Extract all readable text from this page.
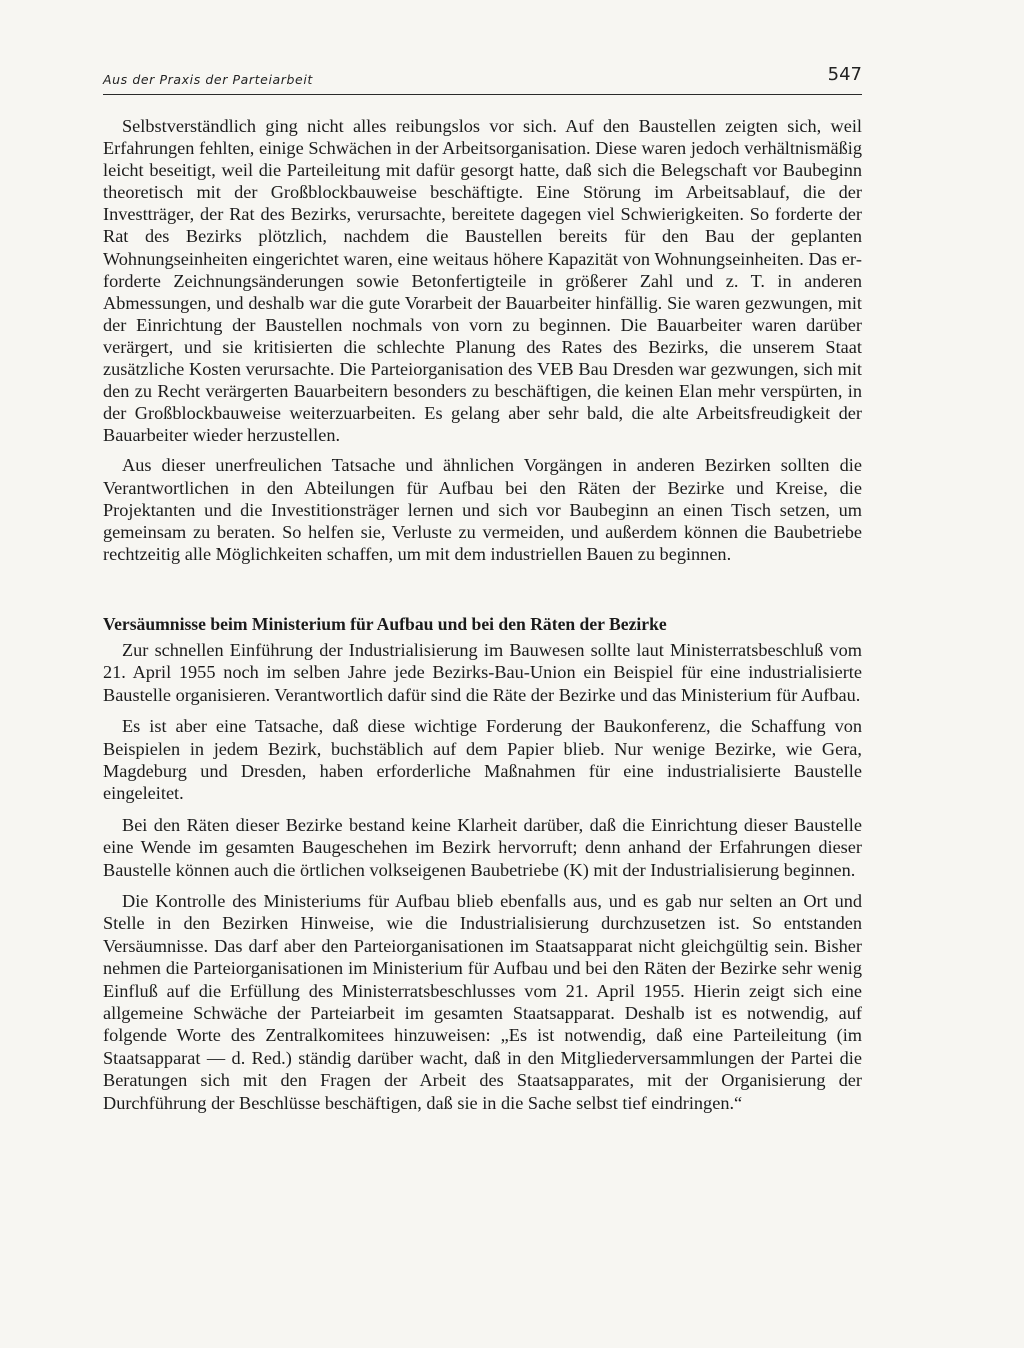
Aus der Praxis der Parteiarbeit	547

Selbstverständlich ging nicht alles reibungslos vor sich. Auf den Baustellen zeigten sich, weil Erfahrungen fehlten, einige Schwächen in der Arbeitsorganisation. Diese waren jedoch verhältnismäßig leicht beseitigt, weil die Parteileitung mit dafür gesorgt hatte, daß sich die Belegschaft vor Baubeginn theoretisch mit der Großblockbauweise beschäftigte. Eine Störung im Arbeitsablauf, die der Investträger, der Rat des Bezirks, verursachte, bereitete dagegen viel Schwierigkeiten. So forderte der Rat des Bezirks plötzlich, nachdem die Baustellen bereits für den Bau der geplanten Wohnungseinheiten eingerichtet waren, eine weitaus höhere Kapazität von Wohnungseinheiten. Das erforderte Zeichnungsänderungen sowie Betonfertigteile in größerer Zahl und z. T. in anderen Abmessungen, und deshalb war die gute Vorarbeit der Bauarbeiter hinfällig. Sie waren gezwungen, mit der Einrichtung der Baustellen nochmals von vorn zu beginnen. Die Bauarbeiter waren darüber verärgert, und sie kritisierten die schlechte Planung des Rates des Bezirks, die unserem Staat zusätzliche Kosten verursachte. Die Parteiorganisation des VEB Bau Dresden war gezwungen, sich mit den zu Recht verärgerten Bauarbeitern besonders zu beschäftigen, die keinen Elan mehr verspürten, in der Großblockbauweise weiterzuarbeiten. Es gelang aber sehr bald, die alte Arbeitsfreudigkeit der Bauarbeiter wieder herzustellen.

Aus dieser unerfreulichen Tatsache und ähnlichen Vorgängen in anderen Bezirken sollten die Verantwortlichen in den Abteilungen für Aufbau bei den Räten der Bezirke und Kreise, die Projektanten und die Investitionsträger lernen und sich vor Baubeginn an einen Tisch setzen, um gemeinsam zu beraten. So helfen sie, Verluste zu vermeiden, und außerdem können die Baubetriebe rechtzeitig alle Möglichkeiten schaffen, um mit dem industriellen Bauen zu beginnen.

Versäumnisse beim Ministerium für Aufbau und bei den Räten der Bezirke

Zur schnellen Einführung der Industrialisierung im Bauwesen sollte laut Ministerratsbeschluß vom 21. April 1955 noch im selben Jahre jede Bezirks-Bau-Union ein Beispiel für eine industrialisierte Baustelle organisieren. Verantwortlich dafür sind die Räte der Bezirke und das Ministerium für Aufbau.

Es ist aber eine Tatsache, daß diese wichtige Forderung der Baukonferenz, die Schaffung von Beispielen in jedem Bezirk, buchstäblich auf dem Papier blieb. Nur wenige Bezirke, wie Gera, Magdeburg und Dresden, haben erforderliche Maßnahmen für eine industrialisierte Baustelle eingeleitet.

Bei den Räten dieser Bezirke bestand keine Klarheit darüber, daß die Einrichtung dieser Baustelle eine Wende im gesamten Baugeschehen im Bezirk hervorruft; denn anhand der Erfahrungen dieser Baustelle können auch die örtlichen volkseigenen Baubetriebe (K) mit der Industrialisierung beginnen.

Die Kontrolle des Ministeriums für Aufbau blieb ebenfalls aus, und es gab nur selten an Ort und Stelle in den Bezirken Hinweise, wie die Industrialisierung durchzusetzen ist. So entstanden Versäumnisse. Das darf aber den Parteiorganisationen im Staatsapparat nicht gleichgültig sein. Bisher nehmen die Parteiorganisationen im Ministerium für Aufbau und bei den Räten der Bezirke sehr wenig Einfluß auf die Erfüllung des Ministerratsbeschlusses vom 21. April 1955. Hierin zeigt sich eine allgemeine Schwäche der Parteiarbeit im gesamten Staatsapparat. Deshalb ist es notwendig, auf folgende Worte des Zentralkomitees hinzuweisen: „Es ist notwendig, daß eine Parteileitung (im Staatsapparat — d. Red.) ständig darüber wacht, daß in den Mitgliederversammlungen der Partei die Beratungen sich mit den Fragen der Arbeit des Staatsapparates, mit der Organisierung der Durchführung der Beschlüsse beschäftigen, daß sie in die Sache selbst tief eindringen.“
